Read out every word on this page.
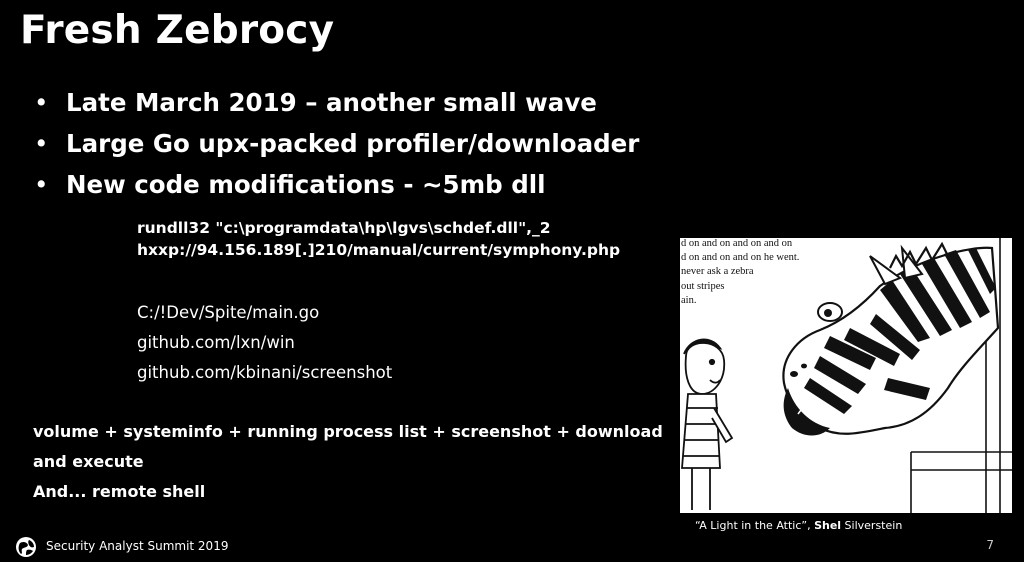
Fresh Zebrocy
• Late March 2019 – another small wave
• Large Go upx-packed profiler/downloader
• New code modifications - ~5mb dll
rundll32 "c:\programdata\hp\lgvs\schdef.dll",_2
hxxp://94.156.189[.]210/manual/current/symphony.php
C:/!Dev/Spite/main.go
github.com/lxn/win
github.com/kbinani/screenshot
volume + systeminfo + running process list + screenshot + download
and execute
And... remote shell
d on and on and on and on
d on and on and on he went.
never ask a zebra
out stripes
ain.
“A Light in the Attic”, Shel Silverstein
Security Analyst Summit 2019	7
